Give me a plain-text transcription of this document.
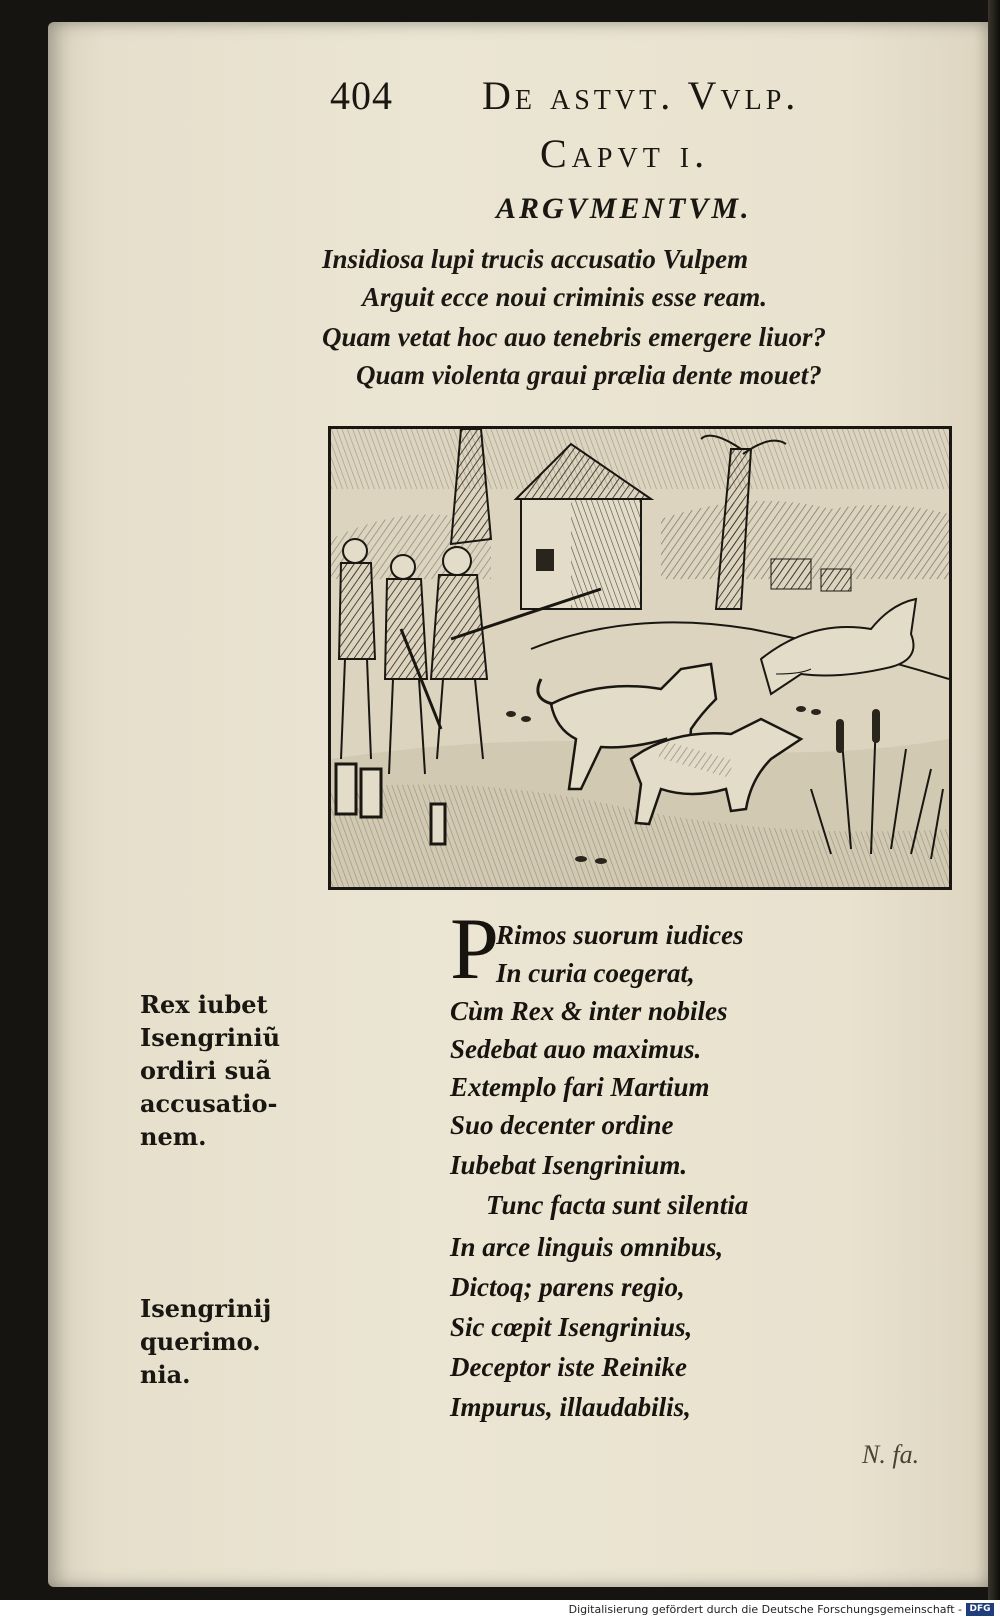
404 De astvt. Vvlp.
Capvt i.
ARGVMENTVM.
Insidiosa lupi trucis accusatio Vulpem
Arguit ecce noui criminis esse ream.
Quam vetat hoc auo tenebris emergere liuor?
Quam violenta graui prælia dente mouet?
P
Rimos suorum iudices
In curia coegerat,
Cùm Rex & inter nobiles
Sedebat auo maximus.
Extemplo fari Martium
Suo decenter ordine
Iubebat Isengrinium.
Tunc facta sunt silentia
In arce linguis omnibus,
Dictoq; parens regio,
Sic cœpit Isengrinius,
Deceptor iste Reinike
Impurus, illaudabilis,
Rex iubet
Isengriniũ
ordiri suã
accusatio-
nem.
Isengrinij
querimo.
nia.
N. fa.
Digitalisierung gefördert durch die Deutsche Forschungsgemeinschaft - DFG
